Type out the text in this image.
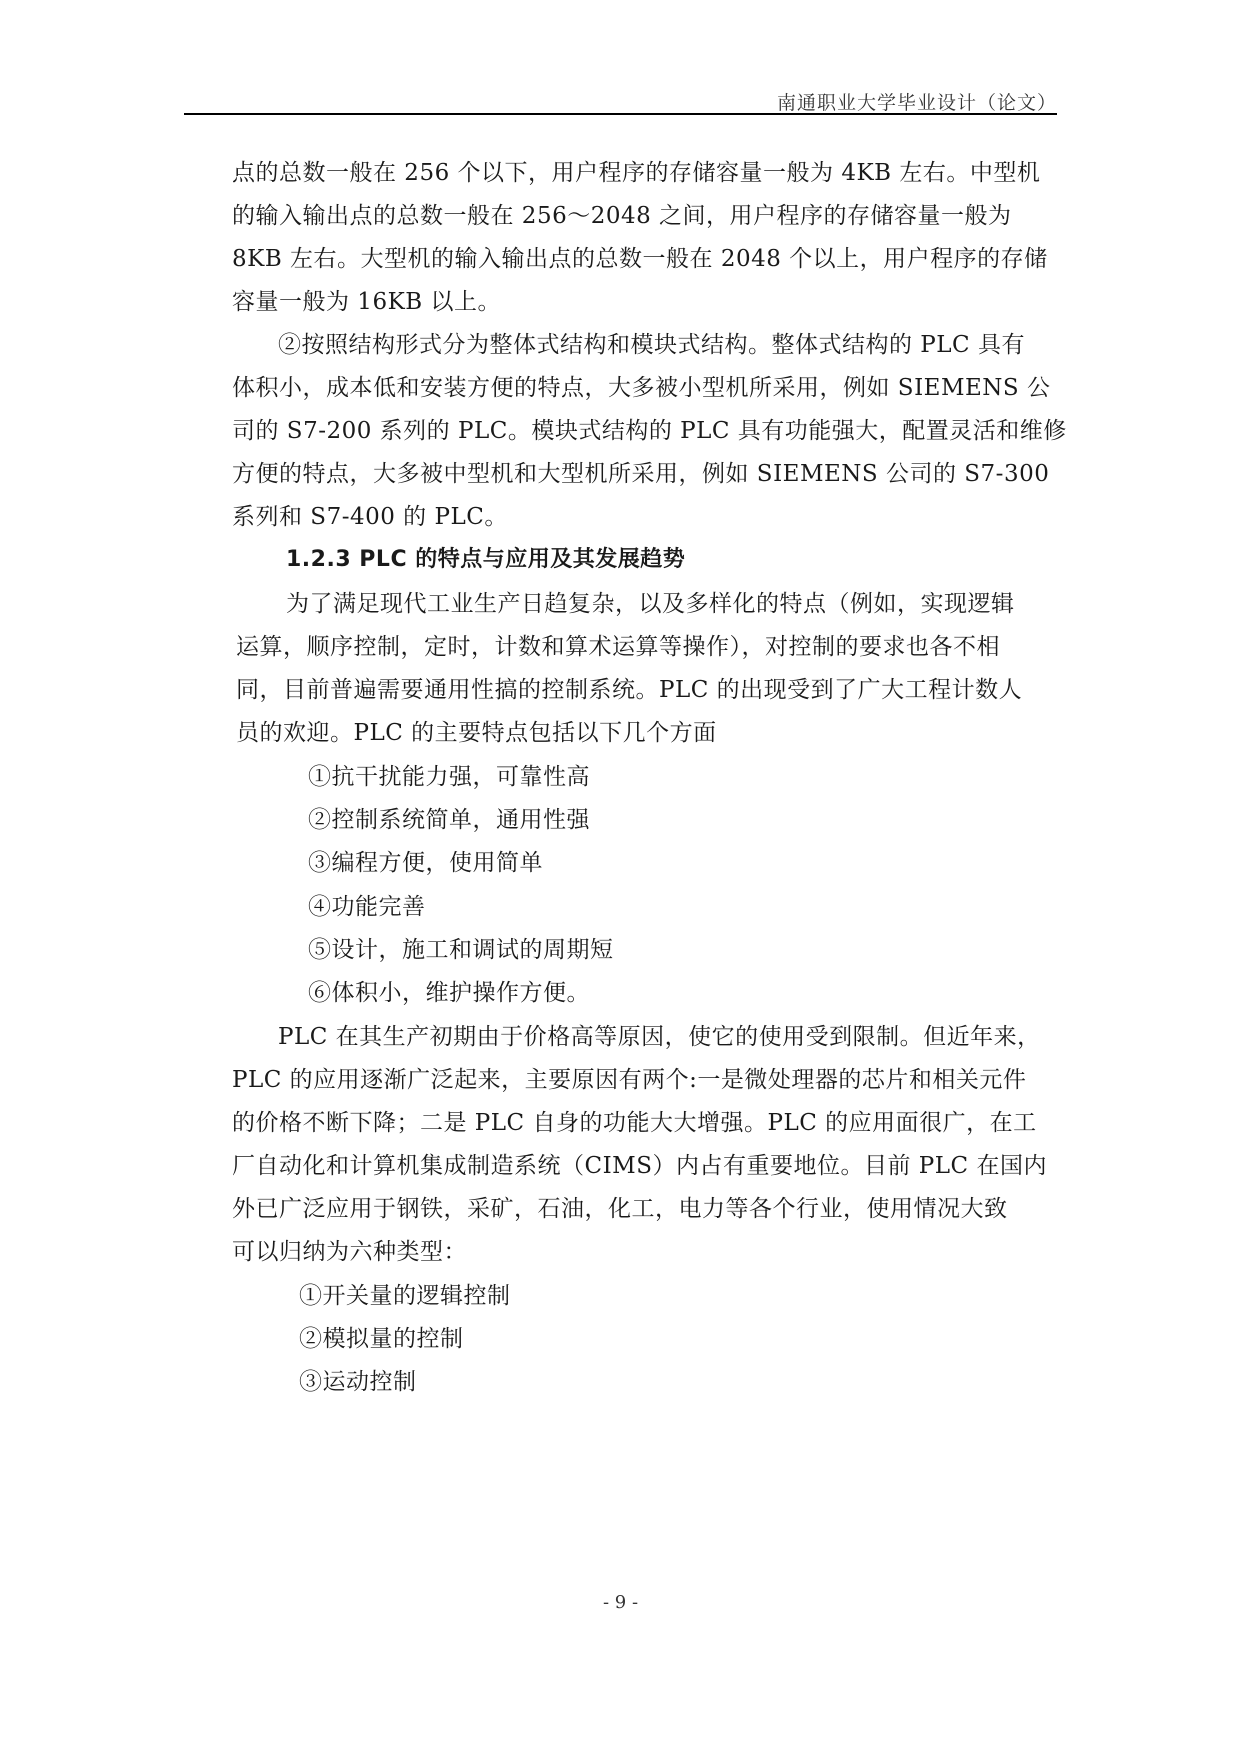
南通职业大学毕业设计（论文）
点的总数一般在 256 个以下，用户程序的存储容量一般为 4KB 左右。中型机
的输入输出点的总数一般在 256～2048 之间，用户程序的存储容量一般为
8KB 左右。大型机的输入输出点的总数一般在 2048 个以上，用户程序的存储
容量一般为 16KB 以上。
②按照结构形式分为整体式结构和模块式结构。整体式结构的 PLC 具有
体积小，成本低和安装方便的特点，大多被小型机所采用，例如 SIEMENS 公
司的 S7-200 系列的 PLC。模块式结构的 PLC 具有功能强大，配置灵活和维修
方便的特点，大多被中型机和大型机所采用，例如 SIEMENS 公司的 S7-300
系列和 S7-400 的 PLC。
1.2.3 PLC 的特点与应用及其发展趋势
为了满足现代工业生产日趋复杂，以及多样化的特点（例如，实现逻辑
运算，顺序控制，定时，计数和算术运算等操作），对控制的要求也各不相
同，目前普遍需要通用性搞的控制系统。PLC 的出现受到了广大工程计数人
员的欢迎。PLC 的主要特点包括以下几个方面
①抗干扰能力强，可靠性高
②控制系统简单，通用性强
③编程方便，使用简单
④功能完善
⑤设计，施工和调试的周期短
⑥体积小，维护操作方便。
PLC 在其生产初期由于价格高等原因，使它的使用受到限制。但近年来，
PLC 的应用逐渐广泛起来，主要原因有两个:一是微处理器的芯片和相关元件
的价格不断下降；二是 PLC 自身的功能大大增强。PLC 的应用面很广，在工
厂自动化和计算机集成制造系统（CIMS）内占有重要地位。目前 PLC 在国内
外已广泛应用于钢铁，采矿，石油，化工，电力等各个行业，使用情况大致
可以归纳为六种类型：
①开关量的逻辑控制
②模拟量的控制
③运动控制
- 9 -
